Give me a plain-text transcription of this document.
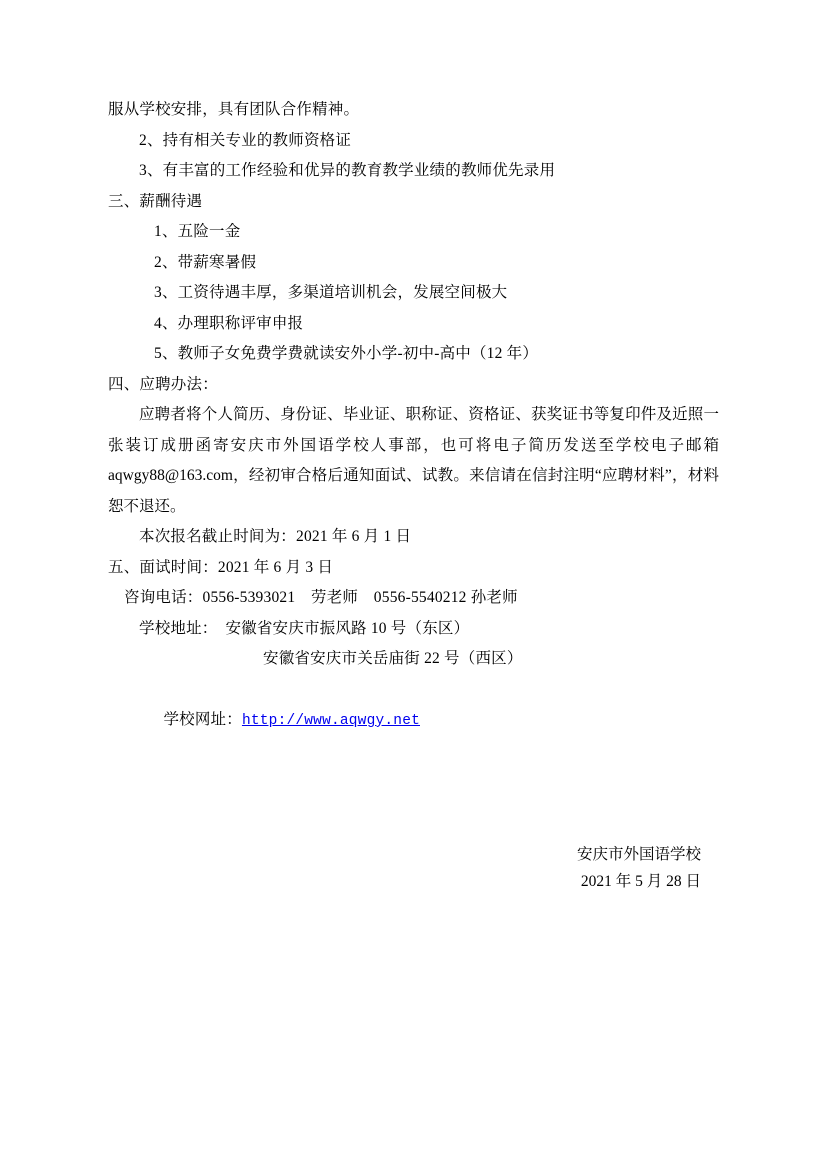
服从学校安排，具有团队合作精神。
2、持有相关专业的教师资格证
3、有丰富的工作经验和优异的教育教学业绩的教师优先录用
三、薪酬待遇
1、五险一金
2、带薪寒暑假
3、工资待遇丰厚，多渠道培训机会，发展空间极大
4、办理职称评审申报
5、教师子女免费学费就读安外小学-初中-高中（12 年）
四、应聘办法：
应聘者将个人简历、身份证、毕业证、职称证、资格证、获奖证书等复印件及近照一张装订成册函寄安庆市外国语学校人事部，也可将电子简历发送至学校电子邮箱 aqwgy88@163.com，经初审合格后通知面试、试教。来信请在信封注明“应聘材料”，材料恕不退还。
本次报名截止时间为：2021 年 6 月 1 日
五、面试时间：2021 年 6 月 3 日
咨询电话：0556-5393021　劳老师　0556-5540212 孙老师
学校地址：　安徽省安庆市振风路 10 号（东区）
安徽省安庆市关岳庙街 22 号（西区）

学校网址：http://www.aqwgy.net

安庆市外国语学校
2021 年 5 月 28 日
